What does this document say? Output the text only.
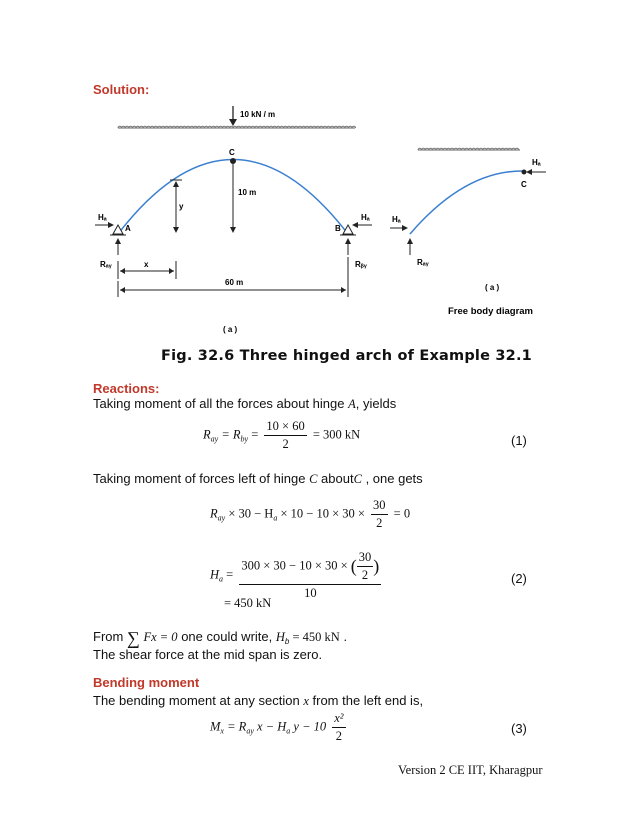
Solution:
10 kN / m
C
10 m
y
A	B
Hₐ	Hₐ
Rₐᵧ	Rᵦᵧ
x
60 m
( a )
C
Hₐ
Hₐ
Rₐᵧ
( a )
Free body diagram
Fig. 32.6 Three hinged arch of Example 32.1
Reactions:
Taking moment of all the forces about hinge A, yields
$R_{ay} = R_{by} = \frac{10 \times 60}{2} = 300$ kN	(1)
Taking moment of forces left of hinge C aboutC , one gets
$R_{ay} \times 30 - H_a \times 10 - 10 \times 30 \times \frac{30}{2} = 0$
$H_a = \frac{300 \times 30 - 10 \times 30 \times ( \frac{30}{2} )}{10}$
= 450 kN
(2)
From ∑ Fx = 0 one could write, $H_b = 450$ kN .
The shear force at the mid span is zero.
Bending moment
The bending moment at any section x from the left end is,
$M_x = R_{ay}$ $x - H_a$ $y - 10 \frac{\text{x²}}{2}$	(3)
Version 2 CE IIT, Kharagpur
